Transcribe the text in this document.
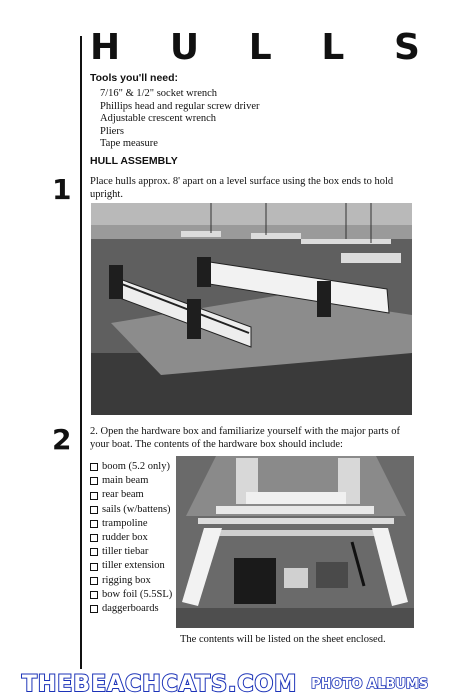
H U L L S
Tools you'll need:
7/16" & 1/2" socket wrench
Phillips head and regular screw driver
Adjustable crescent wrench
Pliers
Tape measure
HULL ASSEMBLY
1 Place hulls approx. 8' apart on a level surface using the box ends to hold upright.

2 2. Open the hardware box and familiarize yourself with the major parts of your boat. The contents of the hardware box should include:

boom (5.2 only)
main beam
rear beam
sails (w/battens)
trampoline
rudder box
tiller tiebar
tiller extension
rigging box
bow foil (5.5SL)
daggerboards

The contents will be listed on the sheet enclosed.

THEBEACHCATS.COM PHOTO ALBUMS
